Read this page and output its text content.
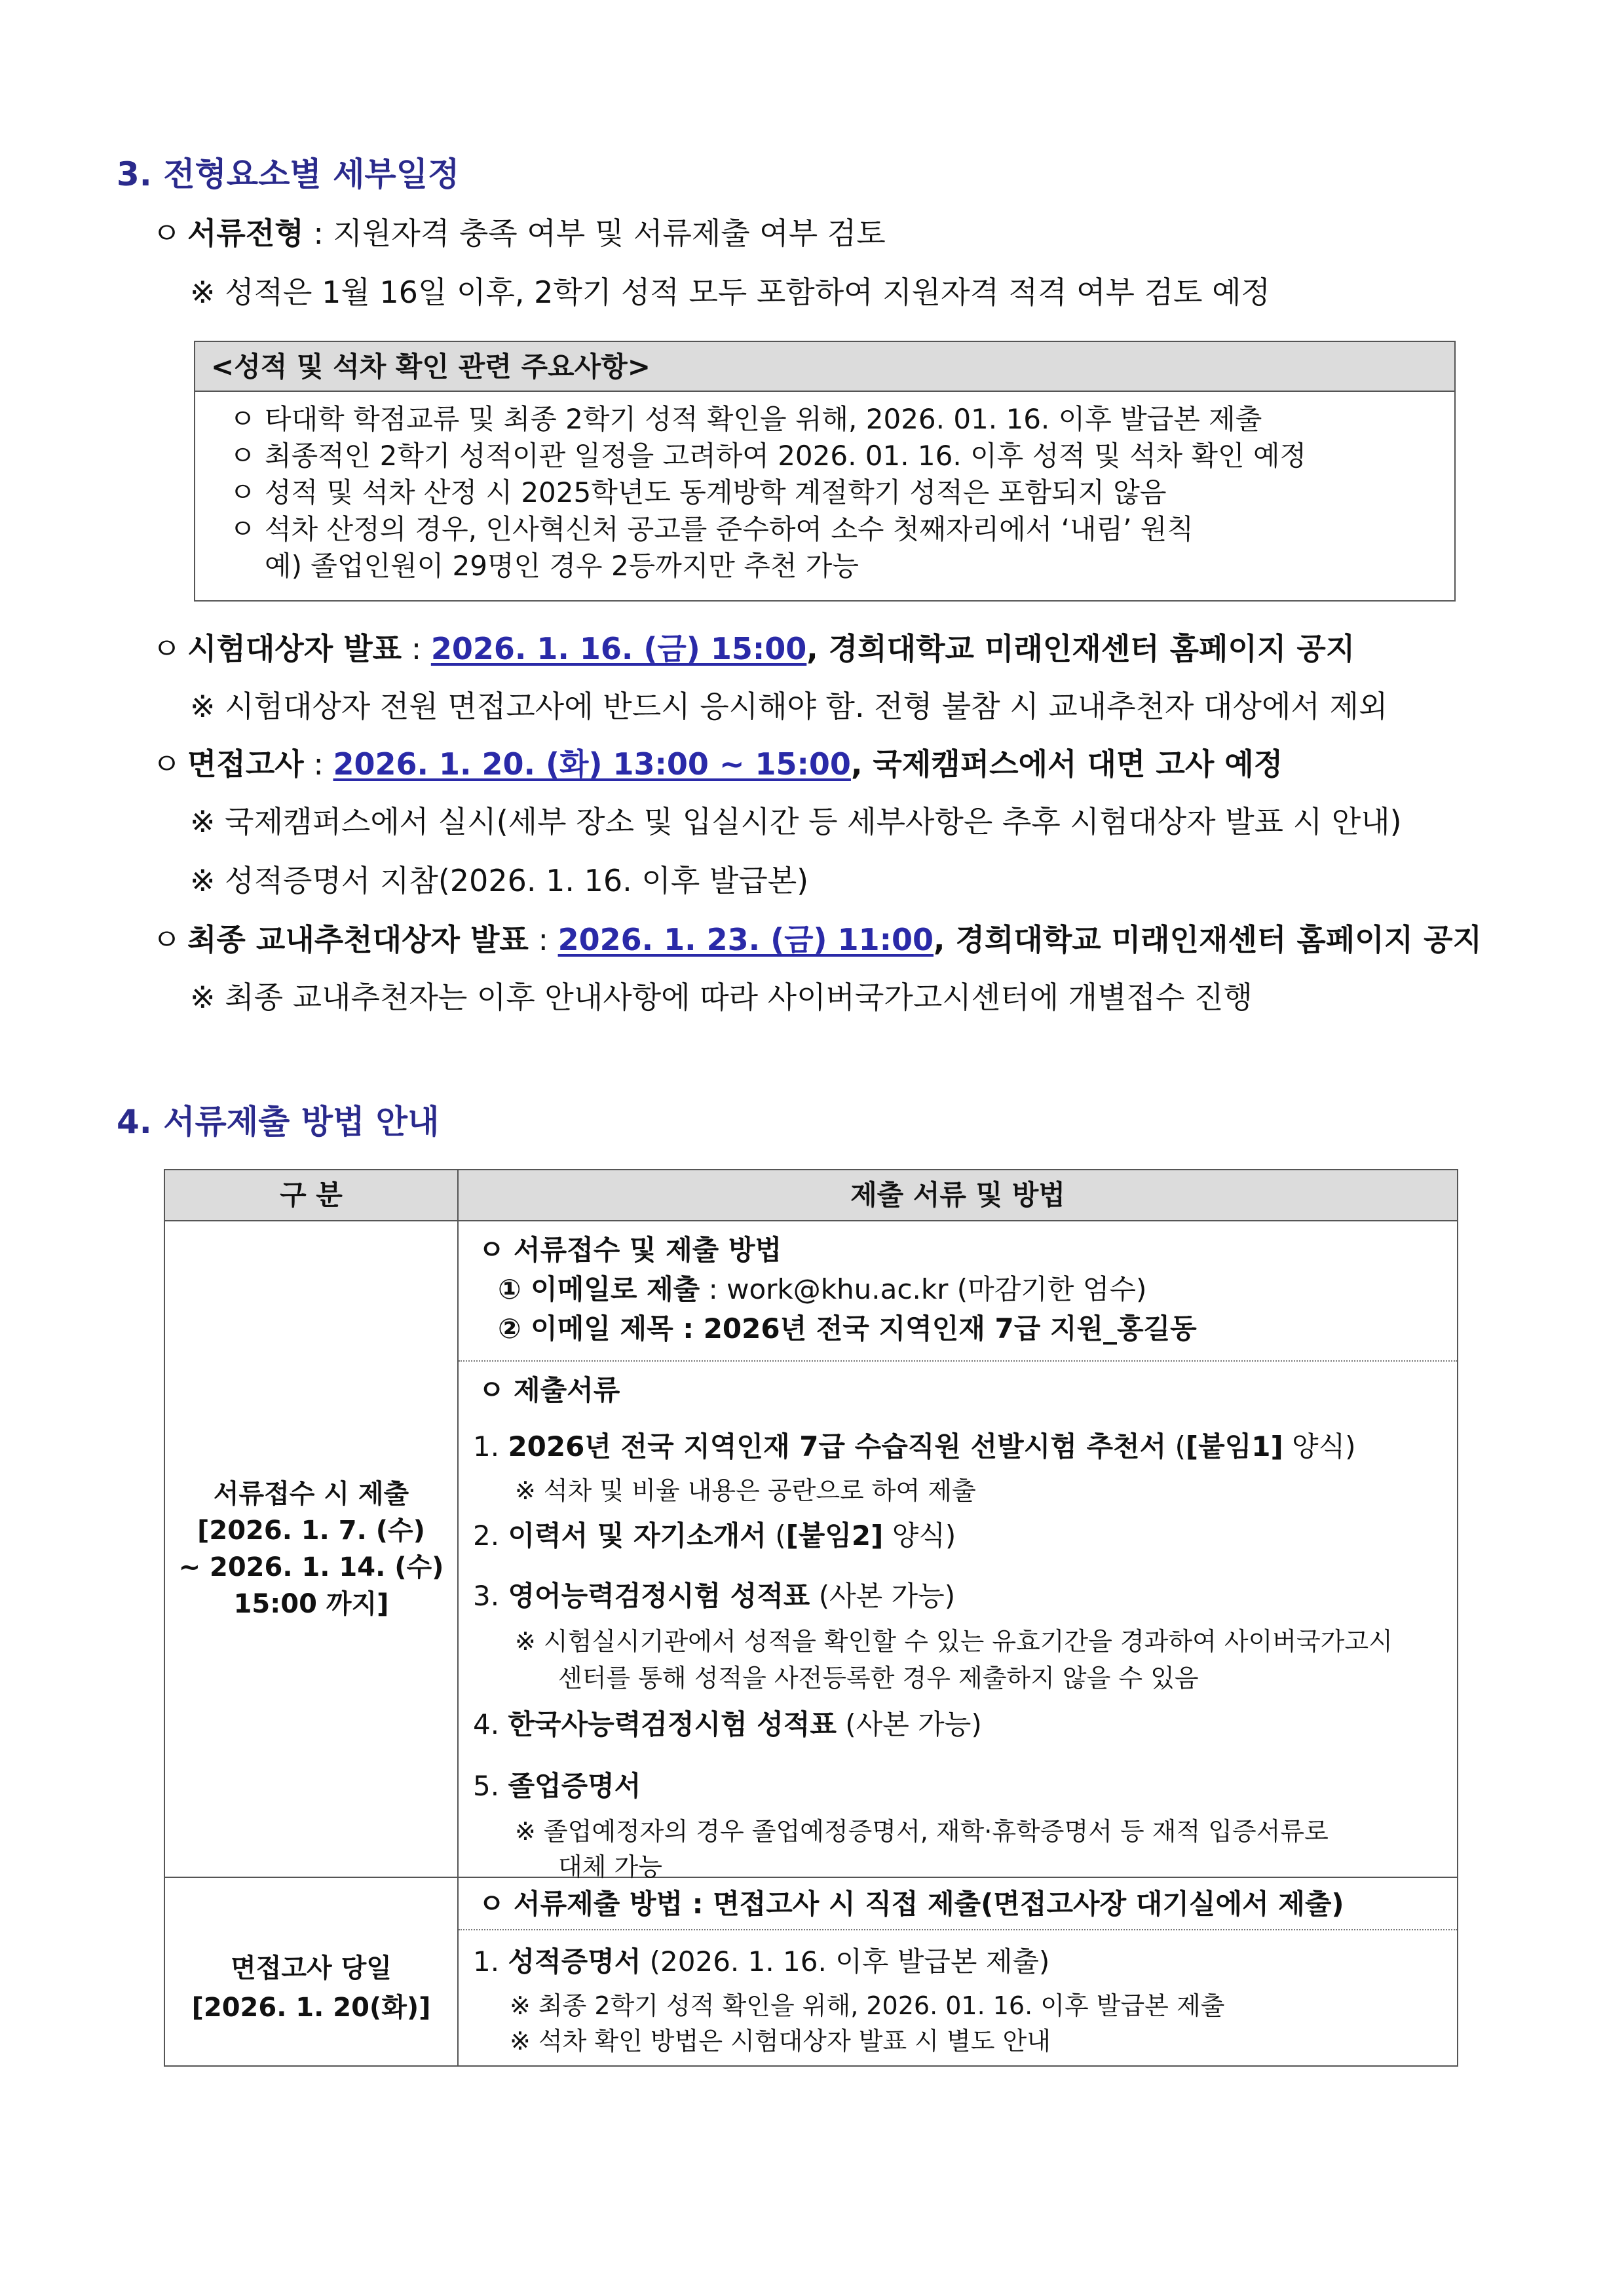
3. 전형요소별 세부일정
ㅇ 서류전형 : 지원자격 충족 여부 및 서류제출 여부 검토
※ 성적은 1월 16일 이후, 2학기 성적 모두 포함하여 지원자격 적격 여부 검토 예정
<성적 및 석차 확인 관련 주요사항>
ㅇ 타대학 학점교류 및 최종 2학기 성적 확인을 위해, 2026. 01. 16. 이후 발급본 제출
ㅇ 최종적인 2학기 성적이관 일정을 고려하여 2026. 01. 16. 이후 성적 및 석차 확인 예정
ㅇ 성적 및 석차 산정 시 2025학년도 동계방학 계절학기 성적은 포함되지 않음
ㅇ 석차 산정의 경우, 인사혁신처 공고를 준수하여 소수 첫째자리에서 ‘내림’ 원칙
예) 졸업인원이 29명인 경우 2등까지만 추천 가능
ㅇ 시험대상자 발표 : 2026. 1. 16. (금) 15:00, 경희대학교 미래인재센터 홈페이지 공지
※ 시험대상자 전원 면접고사에 반드시 응시해야 함. 전형 불참 시 교내추천자 대상에서 제외
ㅇ 면접고사 : 2026. 1. 20. (화) 13:00 ~ 15:00, 국제캠퍼스에서 대면 고사 예정
※ 국제캠퍼스에서 실시(세부 장소 및 입실시간 등 세부사항은 추후 시험대상자 발표 시 안내)
※ 성적증명서 지참(2026. 1. 16. 이후 발급본)
ㅇ 최종 교내추천대상자 발표 : 2026. 1. 23. (금) 11:00, 경희대학교 미래인재센터 홈페이지 공지
※ 최종 교내추천자는 이후 안내사항에 따라 사이버국가고시센터에 개별접수 진행
4. 서류제출 방법 안내
구 분	제출 서류 및 방법
서류접수 시 제출
[2026. 1. 7. (수)
~ 2026. 1. 14. (수)
15:00 까지]
ㅇ 서류접수 및 제출 방법
① 이메일로 제출 : work@khu.ac.kr (마감기한 엄수)
② 이메일 제목 : 2026년 전국 지역인재 7급 지원_홍길동
ㅇ 제출서류
1. 2026년 전국 지역인재 7급 수습직원 선발시험 추천서 ([붙임1] 양식)
※ 석차 및 비율 내용은 공란으로 하여 제출
2. 이력서 및 자기소개서 ([붙임2] 양식)
3. 영어능력검정시험 성적표 (사본 가능)
※ 시험실시기관에서 성적을 확인할 수 있는 유효기간을 경과하여 사이버국가고시
센터를 통해 성적을 사전등록한 경우 제출하지 않을 수 있음
4. 한국사능력검정시험 성적표 (사본 가능)
5. 졸업증명서
※ 졸업예정자의 경우 졸업예정증명서, 재학·휴학증명서 등 재적 입증서류로
대체 가능
면접고사 당일
[2026. 1. 20(화)]
ㅇ 서류제출 방법 : 면접고사 시 직접 제출(면접고사장 대기실에서 제출)
1. 성적증명서 (2026. 1. 16. 이후 발급본 제출)
※ 최종 2학기 성적 확인을 위해, 2026. 01. 16. 이후 발급본 제출
※ 석차 확인 방법은 시험대상자 발표 시 별도 안내
